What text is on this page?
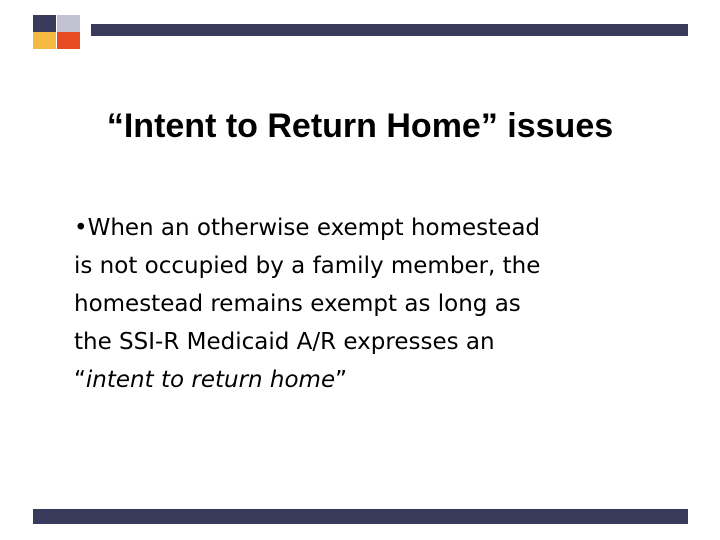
“Intent to Return Home” issues
•When an otherwise exempt homestead
is not occupied by a family member, the
homestead remains exempt as long as
the SSI-R Medicaid A/R expresses an
“intent to return home”
